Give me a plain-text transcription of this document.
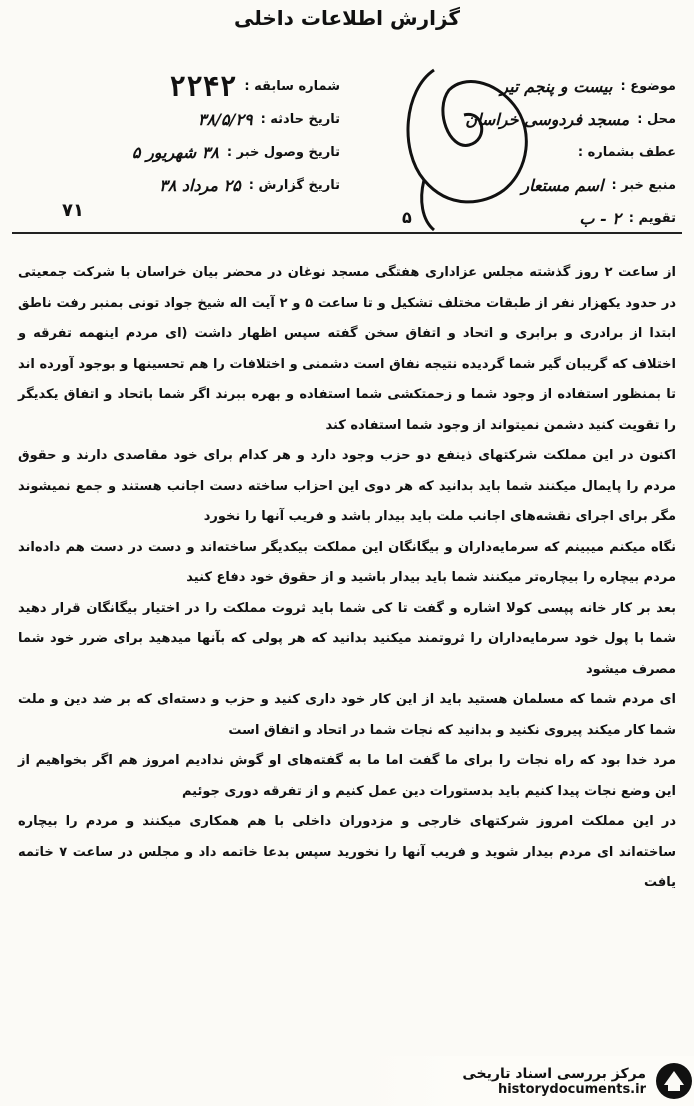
گزارش اطلاعات داخلی
شماره سابقه :
۲۲۴۲
تاریخ حادثه :
۳۸/۵/۲۹
تاریخ وصول خبر :
۳۸ شهریور ۵
تاریخ گزارش :
۲۵ مرداد ۳۸
موضوع :
بیست و پنجم تیر
محل :
مسجد فردوسی خراسان
عطف بشماره :
منبع خبر :
اسم مستعار
تقویم :
۲ - ب
۷۱	۵

از ساعت ۲ روز گذشته مجلس عزاداری هفتگی مسجد نوغان در محضر بیان خراسان با شرکت جمعیتی در حدود یکهزار نفر از طبقات مختلف تشکیل و تا ساعت ۵ و ۲ آیت اله شیخ جواد تونی بمنبر رفت ناطق ابتدا از برادری و برابری و اتحاد و اتفاق سخن گفته سپس اظهار داشت (ای مردم اینهمه تفرقه و اختلاف که گریبان گیر شما گردیده نتیجه نفاق است دشمنی و اختلافات را هم تحسینها و بوجود آورده اند تا بمنظور استفاده از وجود شما و زحمتکشی شما استفاده و بهره ببرند اگر شما باتحاد و اتفاق یکدیگر را تقویت کنید دشمن نمیتواند از وجود شما استفاده کند

اکنون در این مملکت شرکتهای ذینفع دو حزب وجود دارد و هر کدام برای خود مقاصدی دارند و حقوق مردم را پایمال میکنند شما باید بدانید که هر دوی این احزاب ساخته دست اجانب هستند و جمع نمیشوند مگر برای اجرای نقشه‌های اجانب ملت باید بیدار باشد و فریب آنها را نخورد

نگاه میکنم میبینم که سرمایه‌داران و بیگانگان این مملکت بیکدیگر ساخته‌اند و دست در دست هم داده‌اند مردم بیچاره را بیچاره‌تر میکنند شما باید بیدار باشید و از حقوق خود دفاع کنید

بعد بر کار خانه پپسی کولا اشاره و گفت تا کی شما باید ثروت مملکت را در اختیار بیگانگان قرار دهید شما با پول خود سرمایه‌داران را ثروتمند میکنید بدانید که هر پولی که بآنها میدهید برای ضرر خود شما مصرف میشود

ای مردم شما که مسلمان هستید باید از این کار خود داری کنید و حزب و دسته‌ای که بر ضد دین و ملت شما کار میکند پیروی نکنید و بدانید که نجات شما در اتحاد و اتفاق است

مرد خدا بود که راه نجات را برای ما گفت اما ما به گفته‌های او گوش ندادیم امروز هم اگر بخواهیم از این وضع نجات پیدا کنیم باید بدستورات دین عمل کنیم و از تفرقه دوری جوئیم

در این مملکت امروز شرکتهای خارجی و مزدوران داخلی با هم همکاری میکنند و مردم را بیچاره ساخته‌اند ای مردم بیدار شوید و فریب آنها را نخورید سپس بدعا خاتمه داد و مجلس در ساعت ۷ خاتمه یافت

مرکز بررسی اسناد تاریخی
historydocuments.ir
